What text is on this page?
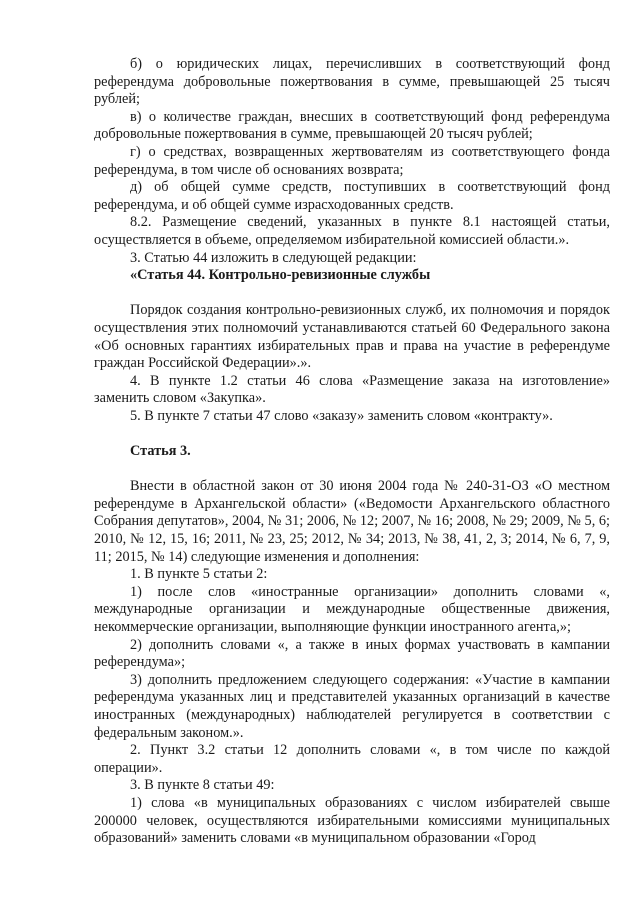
б) о юридических лицах, перечисливших в соответствующий фонд референдума добровольные пожертвования в сумме, превышающей 25 тысяч рублей;

в) о количестве граждан, внесших в соответствующий фонд референдума добровольные пожертвования в сумме, превышающей 20 тысяч рублей;

г) о средствах, возвращенных жертвователям из соответствующего фонда референдума, в том числе об основаниях возврата;

д) об общей сумме средств, поступивших в соответствующий фонд референдума, и об общей сумме израсходованных средств.

8.2. Размещение сведений, указанных в пункте 8.1 настоящей статьи, осуществляется в объеме, определяемом избирательной комиссией области.».

3. Статью 44 изложить в следующей редакции:

«Статья 44. Контрольно-ревизионные службы

Порядок создания контрольно-ревизионных служб, их полномочия и порядок осуществления этих полномочий устанавливаются статьей 60 Федерального закона «Об основных гарантиях избирательных прав и права на участие в референдуме граждан Российской Федерации».».

4. В пункте 1.2 статьи 46 слова «Размещение заказа на изготовление» заменить словом «Закупка».

5. В пункте 7 статьи 47 слово «заказу» заменить словом «контракту».

Статья 3.

Внести в областной закон от 30 июня 2004 года № 240-31-ОЗ «О местном референдуме в Архангельской области» («Ведомости Архангельского областного Собрания депутатов», 2004, № 31; 2006, № 12; 2007, № 16; 2008, № 29; 2009, № 5, 6; 2010, № 12, 15, 16; 2011, № 23, 25; 2012, № 34; 2013, № 38, 41, 2, 3; 2014, № 6, 7, 9, 11; 2015, № 14) следующие изменения и дополнения:

1. В пункте 5 статьи 2:

1) после слов «иностранные организации» дополнить словами «, международные организации и международные общественные движения, некоммерческие организации, выполняющие функции иностранного агента,»;

2) дополнить словами «, а также в иных формах участвовать в кампании референдума»;

3) дополнить предложением следующего содержания: «Участие в кампании референдума указанных лиц и представителей указанных организаций в качестве иностранных (международных) наблюдателей регулируется в соответствии с федеральным законом.».

2. Пункт 3.2 статьи 12 дополнить словами «, в том числе по каждой операции».

3. В пункте 8 статьи 49:

1) слова «в муниципальных образованиях с числом избирателей свыше 200000 человек, осуществляются избирательными комиссиями муниципальных образований» заменить словами «в муниципальном образовании «Город
